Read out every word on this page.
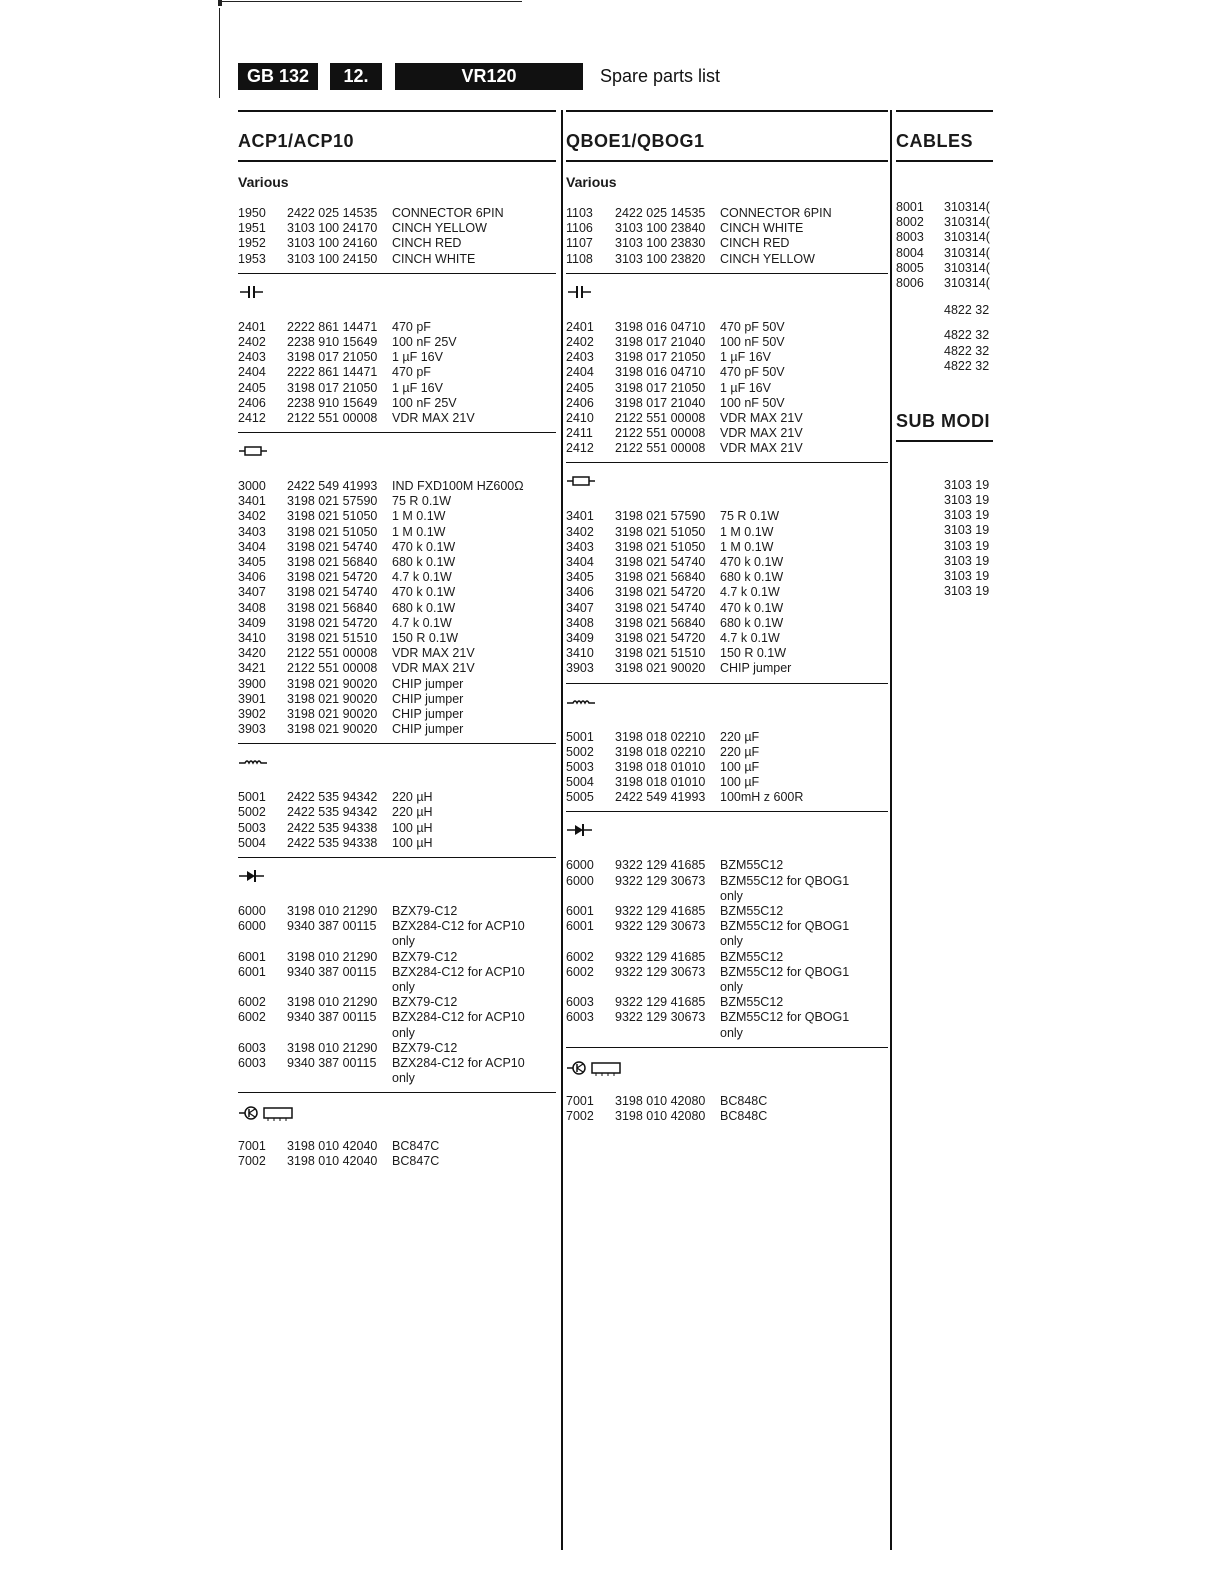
GB 132	12.	VR120	Spare parts list
ACP1/ACP10
Various
1950	2422 025 14535	CONNECTOR 6PIN
1951	3103 100 24170	CINCH YELLOW
1952	3103 100 24160	CINCH RED
1953	3103 100 24150	CINCH WHITE
2401	2222 861 14471	470 pF
2402	2238 910 15649	100 nF 25V
2403	3198 017 21050	1 µF 16V
2404	2222 861 14471	470 pF
2405	3198 017 21050	1 µF 16V
2406	2238 910 15649	100 nF 25V
2412	2122 551 00008	VDR MAX 21V
3000	2422 549 41993	IND FXD100M HZ600Ω
3401	3198 021 57590	75 R 0.1W
3402	3198 021 51050	1 M 0.1W
3403	3198 021 51050	1 M 0.1W
3404	3198 021 54740	470 k 0.1W
3405	3198 021 56840	680 k 0.1W
3406	3198 021 54720	4.7 k 0.1W
3407	3198 021 54740	470 k 0.1W
3408	3198 021 56840	680 k 0.1W
3409	3198 021 54720	4.7 k 0.1W
3410	3198 021 51510	150 R 0.1W
3420	2122 551 00008	VDR MAX 21V
3421	2122 551 00008	VDR MAX 21V
3900	3198 021 90020	CHIP jumper
3901	3198 021 90020	CHIP jumper
3902	3198 021 90020	CHIP jumper
3903	3198 021 90020	CHIP jumper
5001	2422 535 94342	220 µH
5002	2422 535 94342	220 µH
5003	2422 535 94338	100 µH
5004	2422 535 94338	100 µH
6000	3198 010 21290	BZX79-C12
6000	9340 387 00115	BZX284-C12 for ACP10
only
6001	3198 010 21290	BZX79-C12
6001	9340 387 00115	BZX284-C12 for ACP10
only
6002	3198 010 21290	BZX79-C12
6002	9340 387 00115	BZX284-C12 for ACP10
only
6003	3198 010 21290	BZX79-C12
6003	9340 387 00115	BZX284-C12 for ACP10
only
7001	3198 010 42040	BC847C
7002	3198 010 42040	BC847C
QBOE1/QBOG1
Various
1103	2422 025 14535	CONNECTOR 6PIN
1106	3103 100 23840	CINCH WHITE
1107	3103 100 23830	CINCH RED
1108	3103 100 23820	CINCH YELLOW
2401	3198 016 04710	470 pF 50V
2402	3198 017 21040	100 nF 50V
2403	3198 017 21050	1 µF 16V
2404	3198 016 04710	470 pF 50V
2405	3198 017 21050	1 µF 16V
2406	3198 017 21040	100 nF 50V
2410	2122 551 00008	VDR MAX 21V
2411	2122 551 00008	VDR MAX 21V
2412	2122 551 00008	VDR MAX 21V
3401	3198 021 57590	75 R 0.1W
3402	3198 021 51050	1 M 0.1W
3403	3198 021 51050	1 M 0.1W
3404	3198 021 54740	470 k 0.1W
3405	3198 021 56840	680 k 0.1W
3406	3198 021 54720	4.7 k 0.1W
3407	3198 021 54740	470 k 0.1W
3408	3198 021 56840	680 k 0.1W
3409	3198 021 54720	4.7 k 0.1W
3410	3198 021 51510	150 R 0.1W
3903	3198 021 90020	CHIP jumper
5001	3198 018 02210	220 µF
5002	3198 018 02210	220 µF
5003	3198 018 01010	100 µF
5004	3198 018 01010	100 µF
5005	2422 549 41993	100mH z 600R
6000	9322 129 41685	BZM55C12
6000	9322 129 30673	BZM55C12 for QBOG1
only
6001	9322 129 41685	BZM55C12
6001	9322 129 30673	BZM55C12 for QBOG1
only
6002	9322 129 41685	BZM55C12
6002	9322 129 30673	BZM55C12 for QBOG1
only
6003	9322 129 41685	BZM55C12
6003	9322 129 30673	BZM55C12 for QBOG1
only
7001	3198 010 42080	BC848C
7002	3198 010 42080	BC848C
CABLES
8001	310314(
8002	310314(
8003	310314(
8004	310314(
8005	310314(
8006	310314(
4822 32
4822 32
4822 32
4822 32
SUB MODI
3103 19
3103 19
3103 19
3103 19
3103 19
3103 19
3103 19
3103 19
